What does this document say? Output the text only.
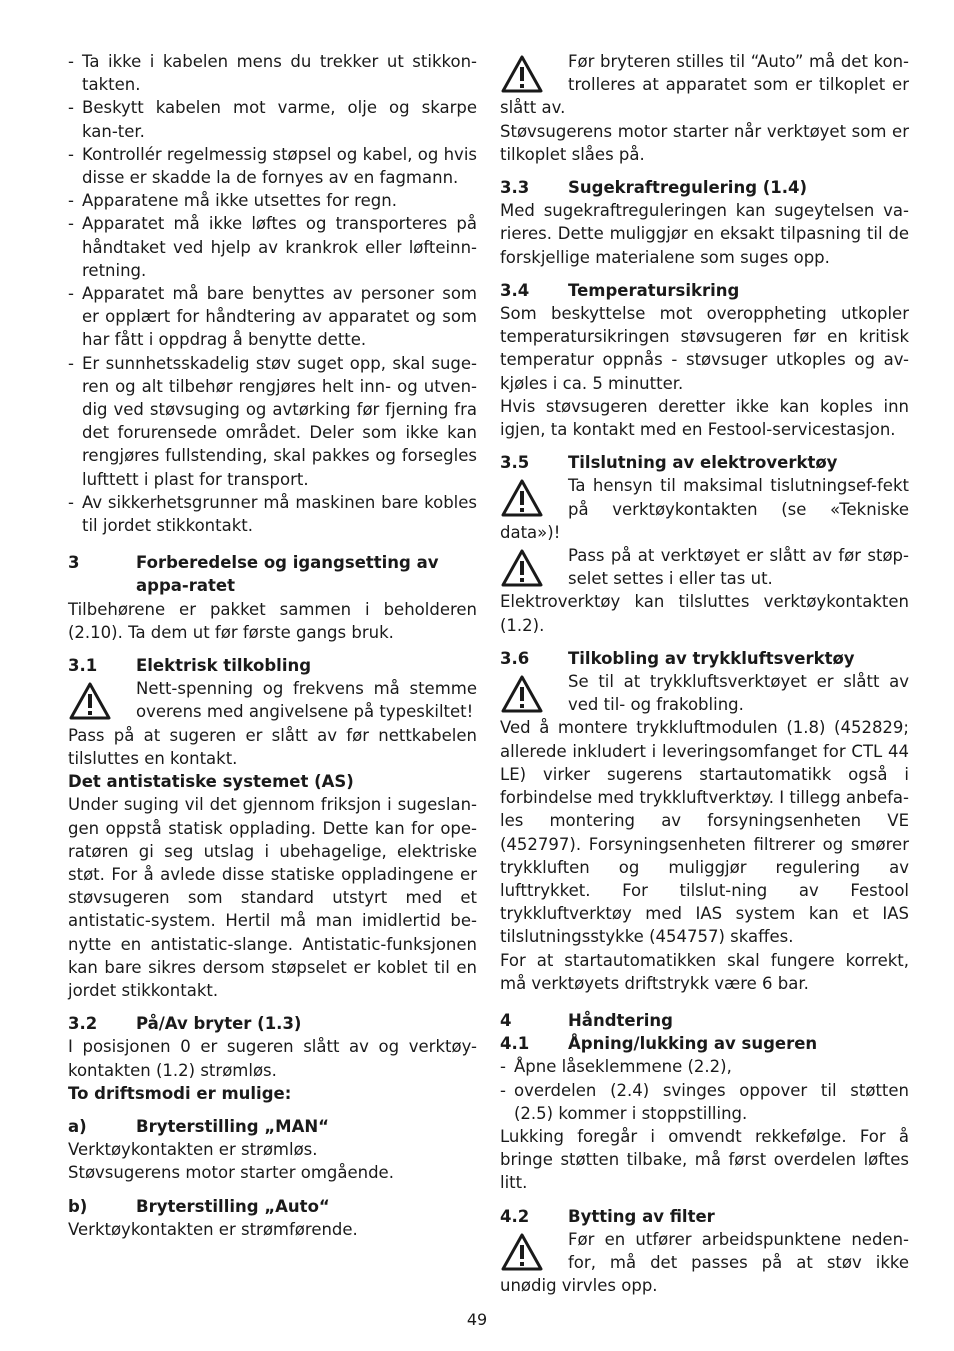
- Ta ikke i kabelen mens du trekker ut stikkon-takten.
- Beskytt kabelen mot varme, olje og skarpe kan-ter.
- Kontrollér regelmessig støpsel og kabel, og hvis disse er skadde la de fornyes av en fagmann.
- Apparatene må ikke utsettes for regn.
- Apparatet må ikke løftes og transporteres på håndtaket ved hjelp av krankrok eller løfteinn-retning.
- Apparatet må bare benyttes av personer som er opplært for håndtering av apparatet og som har fått i oppdrag å benytte dette.
- Er sunnhetsskadelig støv suget opp, skal suge-ren og alt tilbehør rengjøres helt inn- og utven-dig ved støvsuging og avtørking før fjerning fra det forurensede området. Deler som ikke kan rengjøres fullstending, skal pakkes og forsegles lufttett i plast for transport.
- Av sikkerhetsgrunner må maskinen bare kobles til jordet stikkontakt.
3	Forberedelse og igangsetting av appa-ratet

Tilbehørene er pakket sammen i beholderen (2.10). Ta dem ut før første gangs bruk.

3.1	Elektrisk tilkobling

Nett-spenning og frekvens må stemme overens med angivelsene på typeskiltet!

Pass på at sugeren er slått av før nettkabelen tilsluttes en kontakt.

Det antistatiske systemet (AS)

Under suging vil det gjennom friksjon i sugeslan-gen oppstå statisk opplading. Dette kan for ope-ratøren gi seg utslag i ubehagelige, elektriske støt. For å avlede disse statiske oppladingene er støvsugeren som standard utstyrt med et antistatic-system. Hertil må man imidlertid be-nytte en antistatic-slange. Antistatic-funksjonen kan bare sikres dersom støpselet er koblet til en jordet stikkontakt.

3.2	På/Av bryter (1.3)

I posisjonen 0 er sugeren slått av og verktøy-kontakten (1.2) strømløs.

To driftsmodi er mulige:
a)	Bryterstilling „MAN“

Verktøykontakten er strømløs.

Støvsugerens motor starter omgående.

b)	Bryterstilling „Auto“

Verktøykontakten er strømførende.

Før bryteren stilles til “Auto” må det kon-trolleres at apparatet som er tilkoplet er slått av.

Støvsugerens motor starter når verktøyet som er tilkoplet slåes på.

3.3	Sugekraftregulering (1.4)

Med sugekraftreguleringen kan sugeytelsen va-rieres. Dette muliggjør en eksakt tilpasning til de forskjellige materialene som suges opp.

3.4	Temperatursikring

Som beskyttelse mot overoppheting utkopler temperatursikringen støvsugeren før en kritisk temperatur oppnås - støvsuger utkoples og av-kjøles i ca. 5 minutter.

Hvis støvsugeren deretter ikke kan koples inn igjen, ta kontakt med en Festool-servicestasjon.

3.5	Tilslutning av elektroverktøy

Ta hensyn til maksimal tislutningsef-fekt på verktøykontakten (se «Tekniske data»)!

Pass på at verktøyet er slått av før støp-selet settes i eller tas ut.

Elektroverktøy kan tilsluttes verktøykontakten (1.2).

3.6	Tilkobling av trykkluftsverktøy

Se til at trykkluftsverktøyet er slått av ved til- og frakobling.

Ved å montere trykkluftmodulen (1.8) (452829; allerede inkludert i leveringsomfanget for CTL 44 LE) virker sugerens startautomatikk også i forbindelse med trykkluftverktøy. I tillegg anbefa-les montering av forsyningsenheten VE (452797). Forsyningsenheten filtrerer og smører trykkluften og muliggjør regulering av lufttrykket. For tilslut-ning av Festool trykkluftverktøy med IAS system kan et IAS tilslutningsstykke (454757) skaffes.

For at startautomatikken skal fungere korrekt, må verktøyets driftstrykk være 6 bar.

4	Håndtering
4.1	Åpning/lukking av sugeren
- Åpne låseklemmene (2.2),
- overdelen (2.4) svinges oppover til støtten (2.5) kommer i stoppstilling.

Lukking foregår i omvendt rekkefølge. For å bringe støtten tilbake, må først overdelen løftes litt.

4.2	Bytting av filter

Før en utfører arbeidspunktene neden-for, må det passes på at støv ikke unødig virvles opp.

49
